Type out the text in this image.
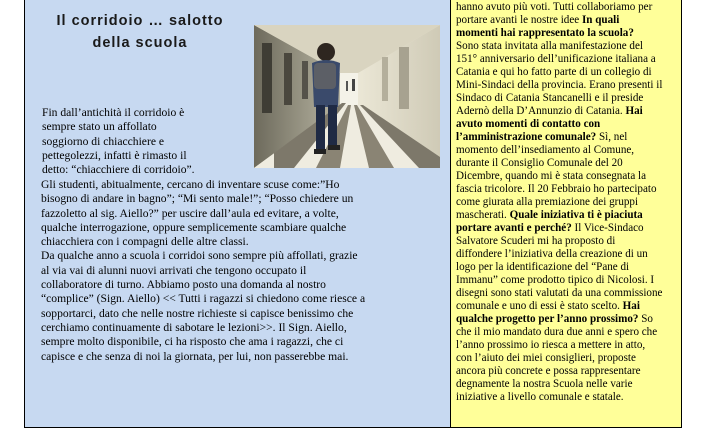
Il corridoio … salotto
della scuola
Fin dall’antichità il corridoio è
sempre stato un affollato
soggiorno di chiacchiere e
pettegolezzi, infatti è rimasto il
detto: “chiacchiere di corridoio”.
Gli studenti, abitualmente, cercano di inventare scuse come:”Ho
bisogno di andare in bagno”; “Mi sento male!”; “Posso chiedere un
fazzoletto al sig. Aiello?” per uscire dall’aula ed evitare, a volte,
qualche interrogazione, oppure semplicemente scambiare qualche
chiacchiera con i compagni delle altre classi.
Da qualche anno a scuola i corridoi sono sempre più affollati, grazie
al via vai di alunni nuovi arrivati che tengono occupato il
collaboratore di turno. Abbiamo posto una domanda al nostro
“complice” (Sign. Aiello) << Tutti i ragazzi si chiedono come riesce a
sopportarci, dato che nelle nostre richieste si capisce benissimo che
cerchiamo continuamente di sabotare le lezioni>>. Il Sign. Aiello,
sempre molto disponibile, ci ha risposto che ama i ragazzi, che ci
capisce e che senza di noi la giornata, per lui, non passerebbe mai.
hanno avuto più voti. Tutti collaboriamo per
portare avanti le nostre idee In quali
momenti hai rappresentato la scuola?
Sono stata invitata alla manifestazione del
151° anniversario dell’unificazione italiana a
Catania e qui ho fatto parte di un collegio di
Mini-Sindaci della provincia. Erano presenti il
Sindaco di Catania Stancanelli e il preside
Adernò della D’Annunzio di Catania. Hai
avuto momenti di contatto con
l’amministrazione comunale? Sì, nel
momento dell’insediamento al Comune,
durante il Consiglio Comunale del 20
Dicembre, quando mi è stata consegnata la
fascia tricolore. Il 20 Febbraio ho partecipato
come giurata alla premiazione dei gruppi
mascherati. Quale iniziativa ti è piaciuta
portare avanti e perché? Il Vice-Sindaco
Salvatore Scuderi mi ha proposto di
diffondere l’iniziativa della creazione di un
logo per la identificazione del “Pane di
Immanu” come prodotto tipico di Nicolosi. I
disegni sono stati valutati da una commissione
comunale e uno di essi è stato scelto. Hai
qualche progetto per l’anno prossimo? So
che il mio mandato dura due anni e spero che
l’anno prossimo io riesca a mettere in atto,
con l’aiuto dei miei consiglieri, proposte
ancora più concrete e possa rappresentare
degnamente la nostra Scuola nelle varie
iniziative a livello comunale e statale.
